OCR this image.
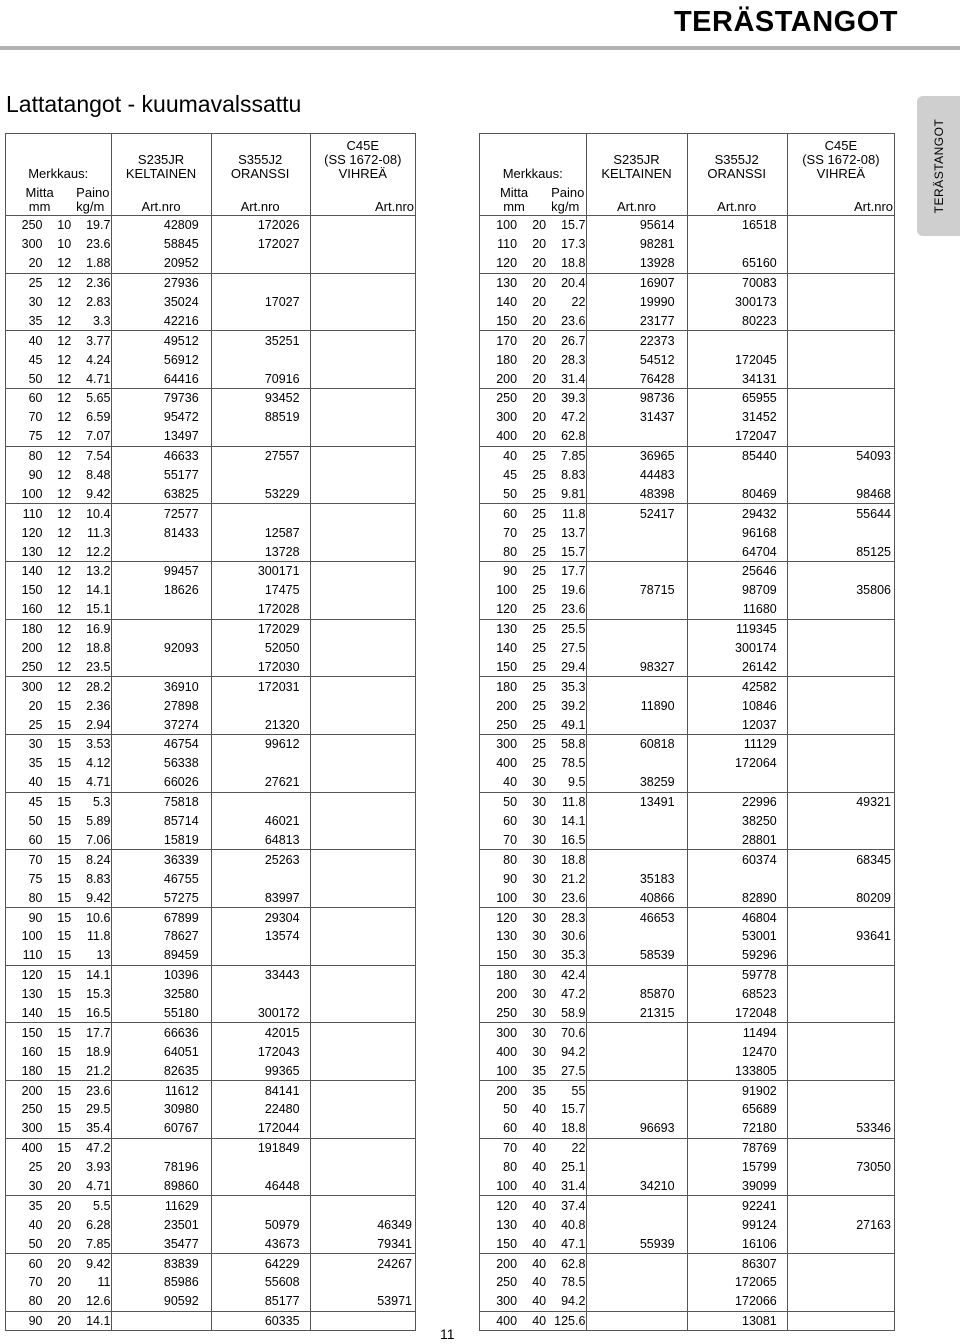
TERÄSTANGOT
TERÄSTANGOT
Lattatangot - kuumavalssattu
Merkkaus:			S235JR
KELTAINEN	S355J2
ORANSSI	C45E
(SS 1672-08)
VIHREÄ
Mitta
mm		Paino
kg/m	Art.nro	Art.nro	Art.nro
250	10	19.7	42809	172026	
300	10	23.6	58845	172027	
20	12	1.88	20952		
25	12	2.36	27936		
30	12	2.83	35024	17027	
35	12	3.3	42216		
40	12	3.77	49512	35251	
45	12	4.24	56912		
50	12	4.71	64416	70916	
60	12	5.65	79736	93452	
70	12	6.59	95472	88519	
75	12	7.07	13497		
80	12	7.54	46633	27557	
90	12	8.48	55177		
100	12	9.42	63825	53229	
110	12	10.4	72577		
120	12	11.3	81433	12587	
130	12	12.2		13728	
140	12	13.2	99457	300171	
150	12	14.1	18626	17475	
160	12	15.1		172028	
180	12	16.9		172029	
200	12	18.8	92093	52050	
250	12	23.5		172030	
300	12	28.2	36910	172031	
20	15	2.36	27898		
25	15	2.94	37274	21320	
30	15	3.53	46754	99612	
35	15	4.12	56338		
40	15	4.71	66026	27621	
45	15	5.3	75818		
50	15	5.89	85714	46021	
60	15	7.06	15819	64813	
70	15	8.24	36339	25263	
75	15	8.83	46755		
80	15	9.42	57275	83997	
90	15	10.6	67899	29304	
100	15	11.8	78627	13574	
110	15	13	89459		
120	15	14.1	10396	33443	
130	15	15.3	32580		
140	15	16.5	55180	300172	
150	15	17.7	66636	42015	
160	15	18.9	64051	172043	
180	15	21.2	82635	99365	
200	15	23.6	11612	84141	
250	15	29.5	30980	22480	
300	15	35.4	60767	172044	
400	15	47.2		191849	
25	20	3.93	78196		
30	20	4.71	89860	46448	
35	20	5.5	11629		
40	20	6.28	23501	50979	46349
50	20	7.85	35477	43673	79341
60	20	9.42	83839	64229	24267
70	20	11	85986	55608	
80	20	12.6	90592	85177	53971
90	20	14.1		60335	
Merkkaus:			S235JR
KELTAINEN	S355J2
ORANSSI	C45E
(SS 1672-08)
VIHREÄ
Mitta
mm		Paino
kg/m	Art.nro	Art.nro	Art.nro
100	20	15.7	95614	16518	
110	20	17.3	98281		
120	20	18.8	13928	65160	
130	20	20.4	16907	70083	
140	20	22	19990	300173	
150	20	23.6	23177	80223	
170	20	26.7	22373		
180	20	28.3	54512	172045	
200	20	31.4	76428	34131	
250	20	39.3	98736	65955	
300	20	47.2	31437	31452	
400	20	62.8		172047	
40	25	7.85	36965	85440	54093
45	25	8.83	44483		
50	25	9.81	48398	80469	98468
60	25	11.8	52417	29432	55644
70	25	13.7		96168	
80	25	15.7		64704	85125
90	25	17.7		25646	
100	25	19.6	78715	98709	35806
120	25	23.6		11680	
130	25	25.5		119345	
140	25	27.5		300174	
150	25	29.4	98327	26142	
180	25	35.3		42582	
200	25	39.2	11890	10846	
250	25	49.1		12037	
300	25	58.8	60818	11129	
400	25	78.5		172064	
40	30	9.5	38259		
50	30	11.8	13491	22996	49321
60	30	14.1		38250	
70	30	16.5		28801	
80	30	18.8		60374	68345
90	30	21.2	35183		
100	30	23.6	40866	82890	80209
120	30	28.3	46653	46804	
130	30	30.6		53001	93641
150	30	35.3	58539	59296	
180	30	42.4		59778	
200	30	47.2	85870	68523	
250	30	58.9	21315	172048	
300	30	70.6		11494	
400	30	94.2		12470	
100	35	27.5		133805	
200	35	55		91902	
50	40	15.7		65689	
60	40	18.8	96693	72180	53346
70	40	22		78769	
80	40	25.1		15799	73050
100	40	31.4	34210	39099	
120	40	37.4		92241	
130	40	40.8		99124	27163
150	40	47.1	55939	16106	
200	40	62.8		86307	
250	40	78.5		172065	
300	40	94.2		172066	
400	40	125.6		13081	
11
